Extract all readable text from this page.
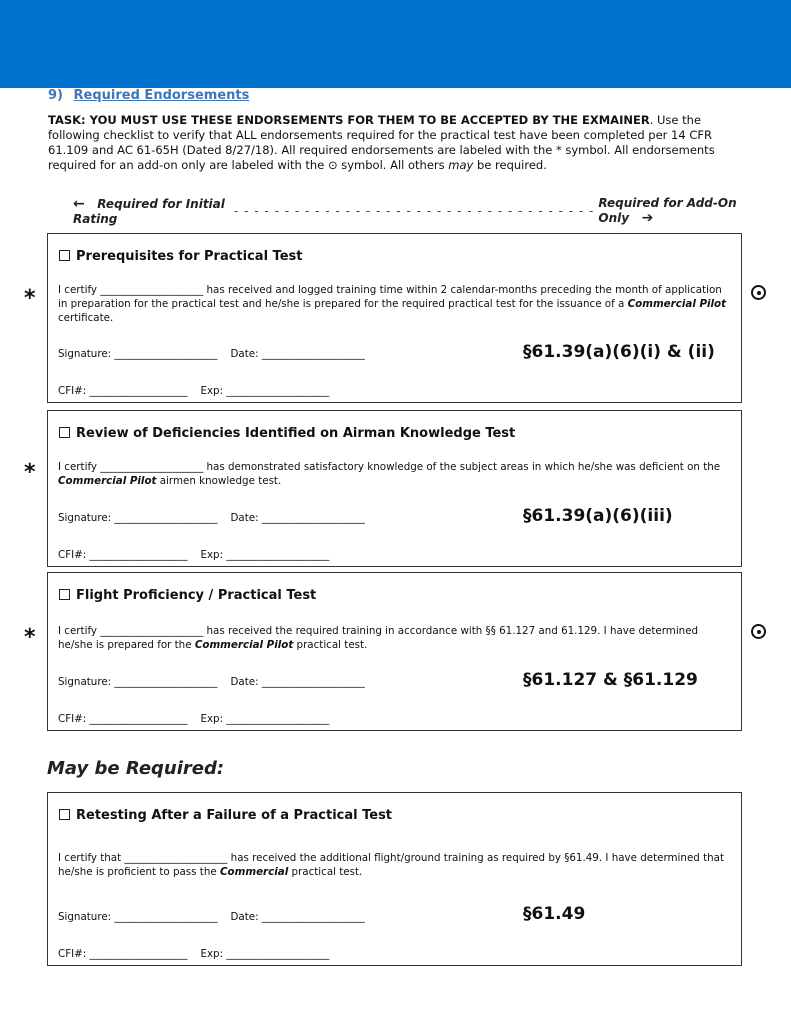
9) Required Endorsements
TASK: YOU MUST USE THESE ENDORSEMENTS FOR THEM TO BE ACCEPTED BY THE EXMAINER. Use the following checklist to verify that ALL endorsements required for the practical test have been completed per 14 CFR 61.109 and AC 61-65H (Dated 8/27/18). All required endorsements are labeled with the * symbol. All endorsements required for an add-on only are labeled with the ⊙ symbol. All others may be required.
← Required for Initial Rating
- - - - - - - - - - - - - - - - - - - - - - - - - - - - - - - - - - - -
Required for Add-On Only ➔
*
Prerequisites for Practical Test
I certify ____________________ has received and logged training time within 2 calendar-months preceding the month of application in preparation for the practical test and he/she is prepared for the required practical test for the issuance of a Commercial Pilot certificate.
Signature: ____________________ Date: ____________________	§61.39(a)(6)(i) & (ii)
CFI#: ___________________ Exp: ____________________
*
Review of Deficiencies Identified on Airman Knowledge Test
I certify ____________________ has demonstrated satisfactory knowledge of the subject areas in which he/she was deficient on the Commercial Pilot airmen knowledge test.
Signature: ____________________ Date: ____________________	§61.39(a)(6)(iii)
CFI#: ___________________ Exp: ____________________
*
Flight Proficiency / Practical Test
I certify ____________________ has received the required training in accordance with §§ 61.127 and 61.129. I have determined he/she is prepared for the Commercial Pilot practical test.
Signature: ____________________ Date: ____________________	§61.127 & §61.129
CFI#: ___________________ Exp: ____________________
May be Required:
Retesting After a Failure of a Practical Test
I certify that ____________________ has received the additional flight/ground training as required by §61.49. I have determined that he/she is proficient to pass the Commercial practical test.
Signature: ____________________ Date: ____________________	§61.49
CFI#: ___________________ Exp: ____________________
